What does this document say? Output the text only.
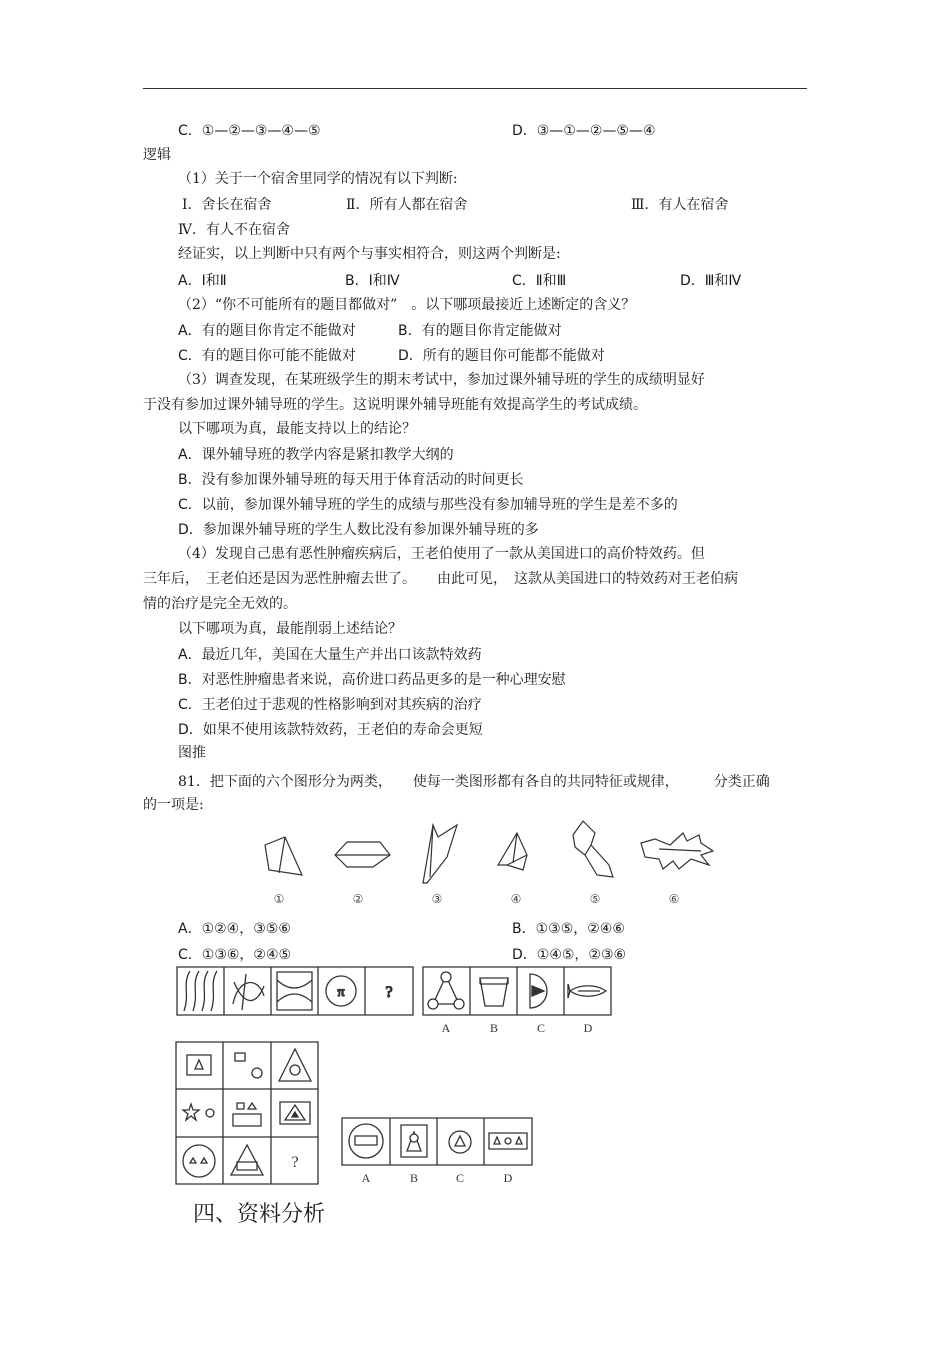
C．①—②—③—④—⑤	D．③—①—②—⑤—④
逻辑
（1）关于一个宿舍里同学的情况有以下判断:
Ⅰ．舍长在宿舍	Ⅱ．所有人都在宿舍	Ⅲ．有人在宿舍
Ⅳ．有人不在宿舍
经证实，以上判断中只有两个与事实相符合，则这两个判断是:
A．Ⅰ和Ⅱ	B．Ⅰ和Ⅳ	C．Ⅱ和Ⅲ	D．Ⅲ和Ⅳ
（2）“你不可能所有的题目都做对”　。以下哪项最接近上述断定的含义？
A．有的题目你肯定不能做对	B．有的题目你肯定能做对
C．有的题目你可能不能做对	D．所有的题目你可能都不能做对
（3）调查发现，在某班级学生的期末考试中，参加过课外辅导班的学生的成绩明显好
于没有参加过课外辅导班的学生。这说明课外辅导班能有效提高学生的考试成绩。
以下哪项为真，最能支持以上的结论？
A．课外辅导班的教学内容是紧扣教学大纲的
B．没有参加课外辅导班的每天用于体育活动的时间更长
C．以前，参加课外辅导班的学生的成绩与那些没有参加辅导班的学生是差不多的
D．参加课外辅导班的学生人数比没有参加课外辅导班的多
（4）发现自己患有恶性肿瘤疾病后，王老伯使用了一款从美国进口的高价特效药。但
三年后，　王老伯还是因为恶性肿瘤去世了。　　由此可见，　这款从美国进口的特效药对王老伯病
情的治疗是完全无效的。
以下哪项为真，最能削弱上述结论？
A．最近几年，美国在大量生产并出口该款特效药
B．对恶性肿瘤患者来说，高价进口药品更多的是一种心理安慰
C．王老伯过于悲观的性格影响到对其疾病的治疗
D．如果不使用该款特效药，王老伯的寿命会更短
图推
81．把下面的六个图形分为两类，　　使每一类图形都有各自的共同特征或规律，　　　分类正确
的一项是:
①	②	③	④	⑤	⑥
A．①②④，③⑤⑥	B．①③⑤，②④⑥
C．①③⑥，②④⑤	D．①④⑤，②③⑥
π	?
A	B	C	D
?
A	B	C	D
四、资料分析
